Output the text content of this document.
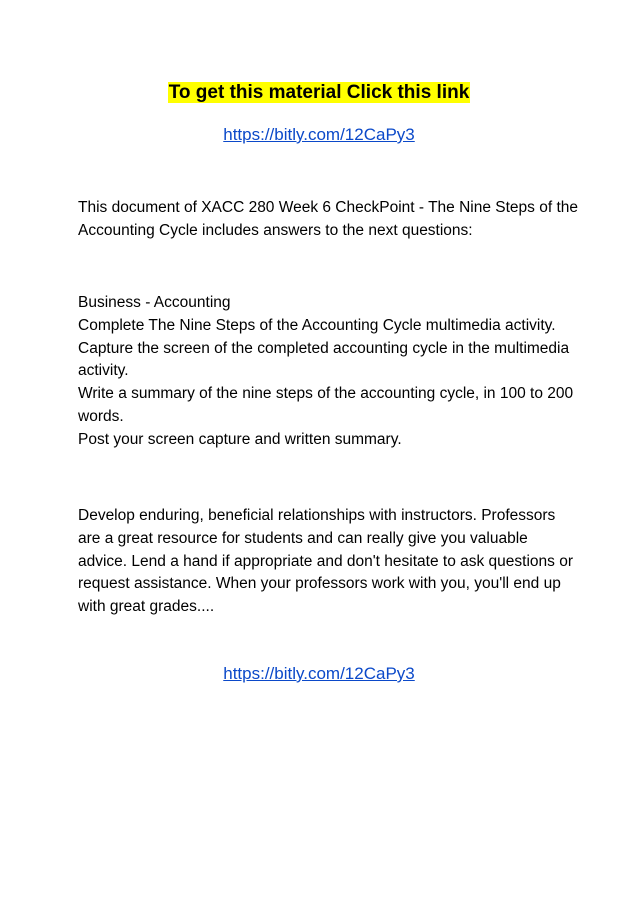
To get this material Click this link
https://bitly.com/12CaPy3

This document of XACC 280 Week 6 CheckPoint - The Nine Steps of the Accounting Cycle includes answers to the next questions:

Business - Accounting

Complete The Nine Steps of the Accounting Cycle multimedia activity.

Capture the screen of the completed accounting cycle in the multimedia activity.

Write a summary of the nine steps of the accounting cycle, in 100 to 200 words.

Post your screen capture and written summary.

Develop enduring, beneficial relationships with instructors. Professors are a great resource for students and can really give you valuable advice. Lend a hand if appropriate and don't hesitate to ask questions or request assistance. When your professors work with you, you'll end up with great grades....

https://bitly.com/12CaPy3
